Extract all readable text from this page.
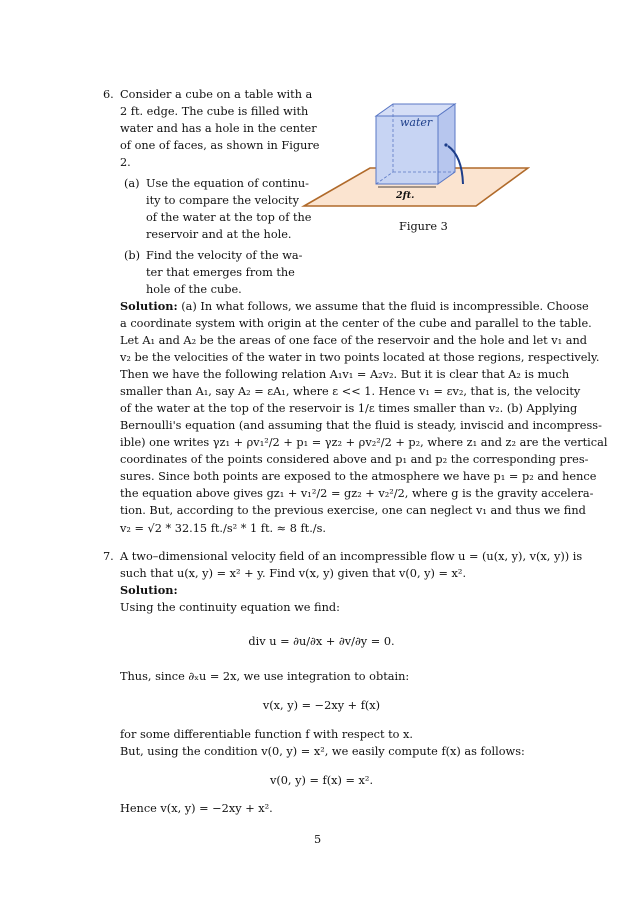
6. Consider a cube on a table with a
2 ft. edge. The cube is filled with
water and has a hole in the center
of one of faces, as shown in Figure
2.
(a) Use the equation of continu-
ity to compare the velocity
of the water at the top of the
reservoir and at the hole.
(b) Find the velocity of the wa-
ter that emerges from the
hole of the cube.
water
2ft.
Figure 3
Solution: (a) In what follows, we assume that the fluid is incompressible. Choose
a coordinate system with origin at the center of the cube and parallel to the table.
Let A₁ and A₂ be the areas of one face of the reservoir and the hole and let v₁ and
v₂ be the velocities of the water in two points located at those regions, respectively.
Then we have the following relation A₁v₁ = A₂v₂. But it is clear that A₂ is much
smaller than A₁, say A₂ = εA₁, where ε << 1. Hence v₁ = εv₂, that is, the velocity
of the water at the top of the reservoir is 1/ε times smaller than v₂. (b) Applying
Bernoulli's equation (and assuming that the fluid is steady, inviscid and incompress-
ible) one writes γz₁ + ρv₁²/2 + p₁ = γz₂ + ρv₂²/2 + p₂, where z₁ and z₂ are the vertical
coordinates of the points considered above and p₁ and p₂ the corresponding pres-
sures. Since both points are exposed to the atmosphere we have p₁ = p₂ and hence
the equation above gives gz₁ + v₁²/2 = gz₂ + v₂²/2, where g is the gravity accelera-
tion. But, according to the previous exercise, one can neglect v₁ and thus we find
v₂ = √2 * 32.15 ft./s² * 1 ft. ≈ 8 ft./s.
7. A two–dimensional velocity field of an incompressible flow u = (u(x, y), v(x, y)) is
such that u(x, y) = x² + y. Find v(x, y) given that v(0, y) = x².
Solution:
Using the continuity equation we find:
div u = ∂u/∂x + ∂v/∂y = 0.
Thus, since ∂ₓu = 2x, we use integration to obtain:
v(x, y) = −2xy + f(x)
for some differentiable function f with respect to x.
But, using the condition v(0, y) = x², we easily compute f(x) as follows:
v(0, y) = f(x) = x².
Hence v(x, y) = −2xy + x².
5
